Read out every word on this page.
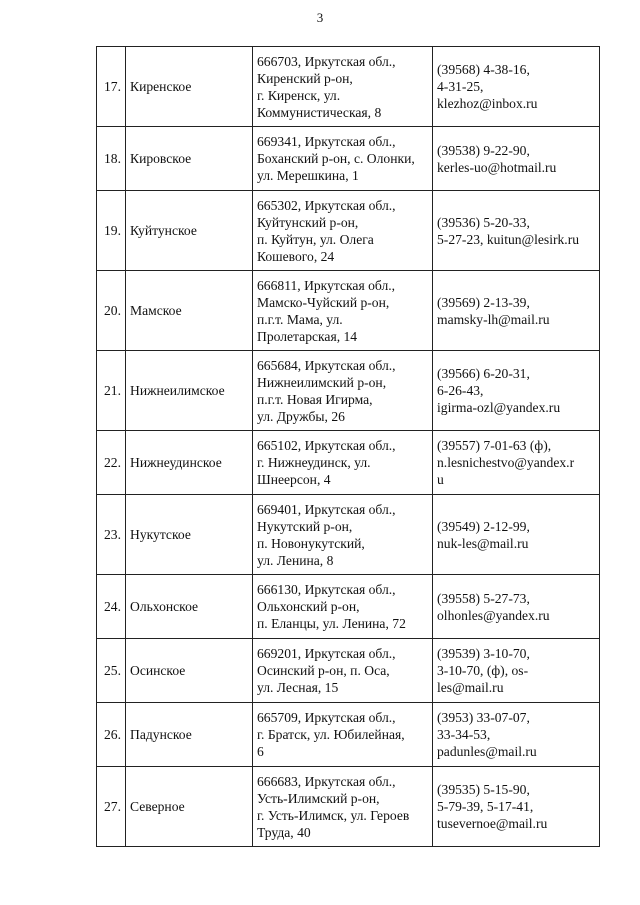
3
17.	Киренское	666703, Иркутская обл.,
Киренский р-он,
г. Киренск, ул.
Коммунистическая, 8	(39568) 4-38-16,
4-31-25,
klezhoz@inbox.ru
18.	Кировское	669341, Иркутская обл.,
Боханский р-он, с. Олонки,
ул. Мерешкина, 1	(39538) 9-22-90,
kerles-uo@hotmail.ru
19.	Куйтунское	665302, Иркутская обл.,
Куйтунский р-он,
п. Куйтун, ул. Олега
Кошевого, 24	(39536) 5-20-33,
5-27-23, kuitun@lesirk.ru
20.	Мамское	666811, Иркутская обл.,
Мамско-Чуйский р-он,
п.г.т. Мама, ул.
Пролетарская, 14	(39569) 2-13-39,
mamsky-lh@mail.ru
21.	Нижнеилимское	665684, Иркутская обл.,
Нижнеилимский р-он,
п.г.т. Новая Игирма,
ул. Дружбы, 26	(39566) 6-20-31,
6-26-43,
igirma-ozl@yandex.ru
22.	Нижнеудинское	665102, Иркутская обл.,
г. Нижнеудинск, ул.
Шнеерсон, 4	(39557) 7-01-63 (ф),
n.lesnichestvo@yandex.r
u
23.	Нукутское	669401, Иркутская обл.,
Нукутский р-он,
п. Новонукутский,
ул. Ленина, 8	(39549) 2-12-99,
nuk-les@mail.ru
24.	Ольхонское	666130, Иркутская обл.,
Ольхонский р-он,
п. Еланцы, ул. Ленина, 72	(39558) 5-27-73,
olhonles@yandex.ru
25.	Осинское	669201, Иркутская обл.,
Осинский р-он, п. Оса,
ул. Лесная, 15	(39539) 3-10-70,
3-10-70, (ф), os-
les@mail.ru
26.	Падунское	665709, Иркутская обл.,
г. Братск, ул. Юбилейная,
6	(3953) 33-07-07,
33-34-53,
padunles@mail.ru
27.	Северное	666683, Иркутская обл.,
Усть-Илимский р-он,
г. Усть-Илимск, ул. Героев
Труда, 40	(39535) 5-15-90,
5-79-39, 5-17-41,
tusevernoe@mail.ru
